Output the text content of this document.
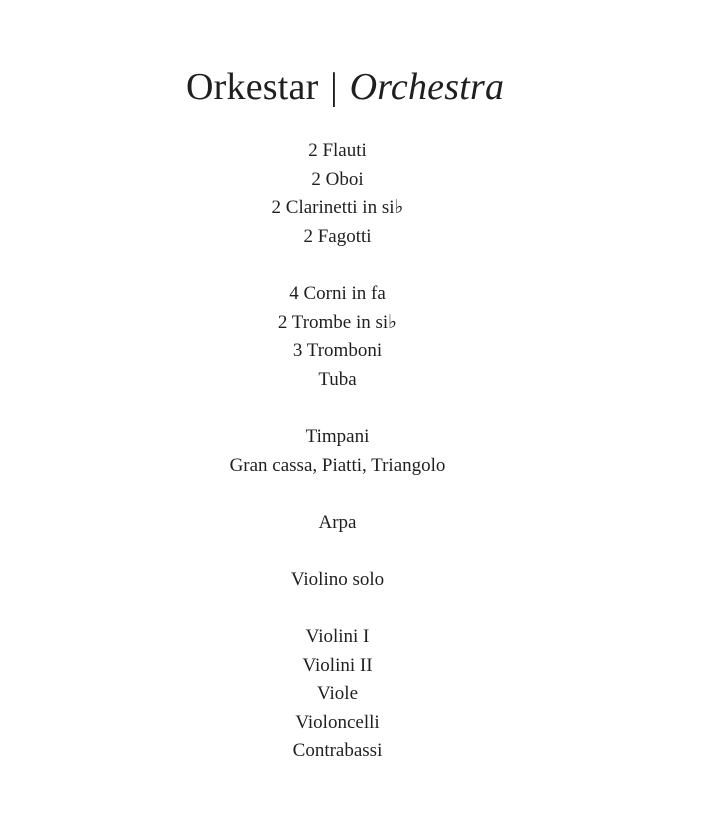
Orkestar | Orchestra
2 Flauti
2 Oboi
2 Clarinetti in si♭
2 Fagotti
4 Corni in fa
2 Trombe in si♭
3 Tromboni
Tuba
Timpani
Gran cassa, Piatti, Triangolo
Arpa
Violino solo
Violini I
Violini II
Viole
Violoncelli
Contrabassi
